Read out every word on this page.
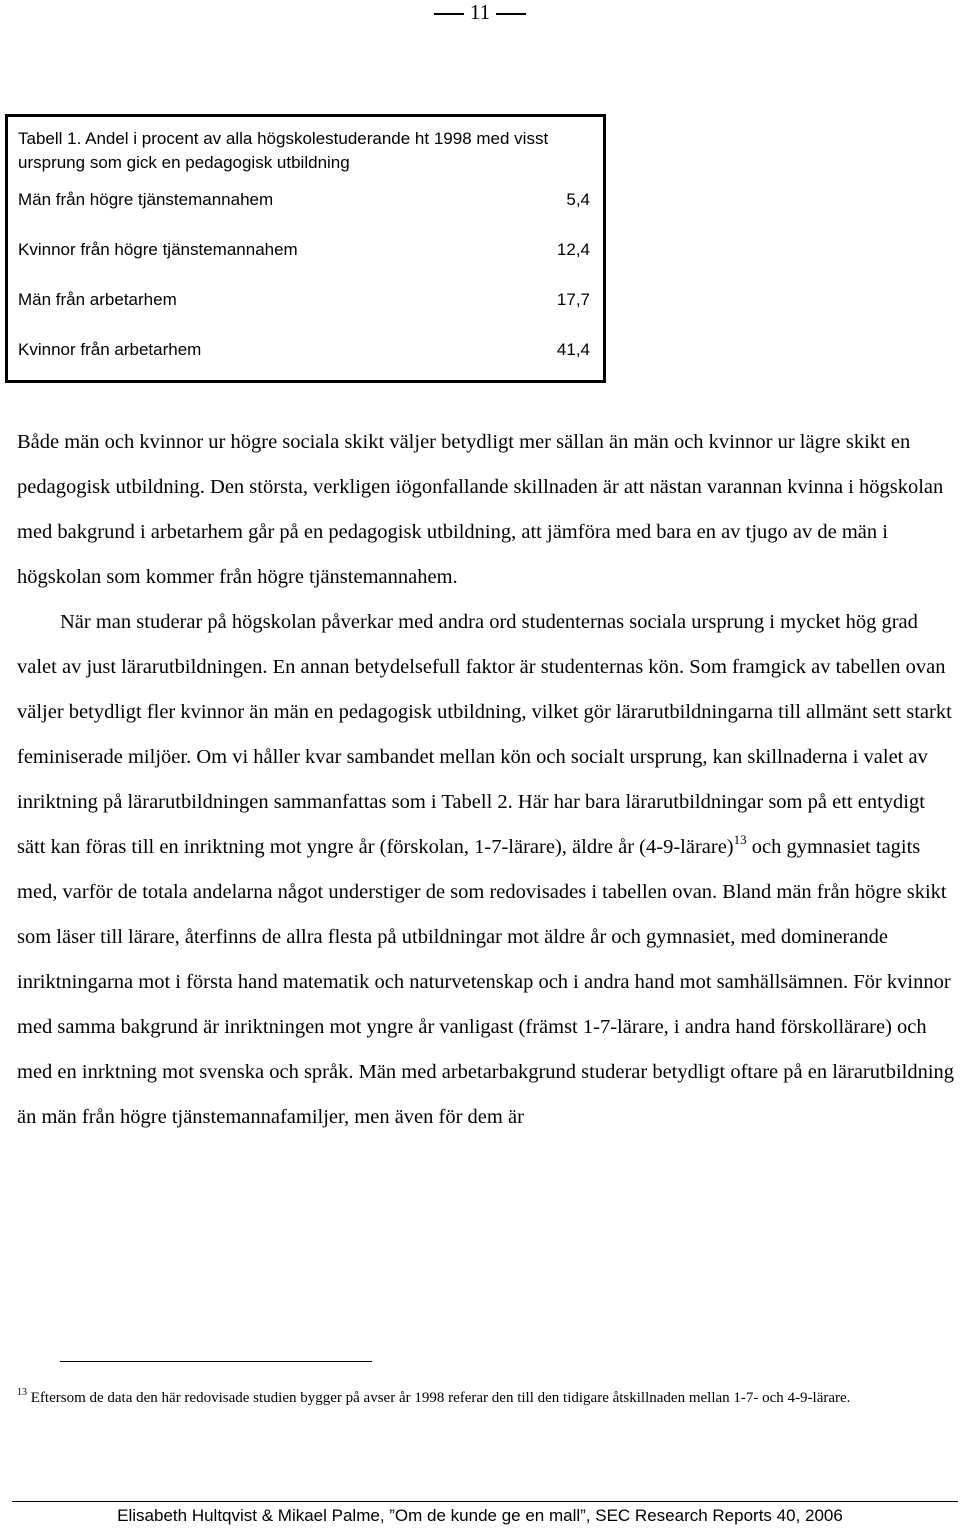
11
Tabell 1. Andel i procent av alla högskolestuderande ht 1998 med visst ursprung som gick en pedagogisk utbildning
Män från högre tjänstemannahem	5,4
Kvinnor från högre tjänstemannahem	12,4
Män från arbetarhem	17,7
Kvinnor från arbetarhem	41,4

Både män och kvinnor ur högre sociala skikt väljer betydligt mer sällan än män och kvinnor ur lägre skikt en pedagogisk utbildning. Den största, verkligen iögonfallande skillnaden är att nästan varannan kvinna i högskolan med bakgrund i arbetarhem går på en pedagogisk utbildning, att jämföra med bara en av tjugo av de män i högskolan som kommer från högre tjänstemannahem.

När man studerar på högskolan påverkar med andra ord studenternas sociala ursprung i mycket hög grad valet av just lärarutbildningen. En annan betydelsefull faktor är studenternas kön. Som framgick av tabellen ovan väljer betydligt fler kvinnor än män en pedagogisk utbildning, vilket gör lärarutbildningarna till allmänt sett starkt feminiserade miljöer. Om vi håller kvar sambandet mellan kön och socialt ursprung, kan skillnaderna i valet av inriktning på lärarutbildningen sammanfattas som i Tabell 2. Här har bara lärarutbildningar som på ett entydigt sätt kan föras till en inriktning mot yngre år (förskolan, 1-7-lärare), äldre år (4-9-lärare)$^{13}$ och gymnasiet tagits med, varför de totala andelarna något understiger de som redovisades i tabellen ovan. Bland män från högre skikt som läser till lärare, återfinns de allra flesta på utbildningar mot äldre år och gymnasiet, med dominerande inriktningarna mot i första hand matematik och naturvetenskap och i andra hand mot samhällsämnen. För kvinnor med samma bakgrund är inriktningen mot yngre år vanligast (främst 1-7-lärare, i andra hand förskollärare) och med en inrktning mot svenska och språk. Män med arbetarbakgrund studerar betydligt oftare på en lärarutbildning än män från högre tjänstemannafamiljer, men även för dem är

$^{13}$ Eftersom de data den här redovisade studien bygger på avser år 1998 referar den till den tidigare åtskillnaden mellan 1-7- och 4-9-lärare.
Elisabeth Hultqvist & Mikael Palme, ”Om de kunde ge en mall”, SEC Research Reports 40, 2006
